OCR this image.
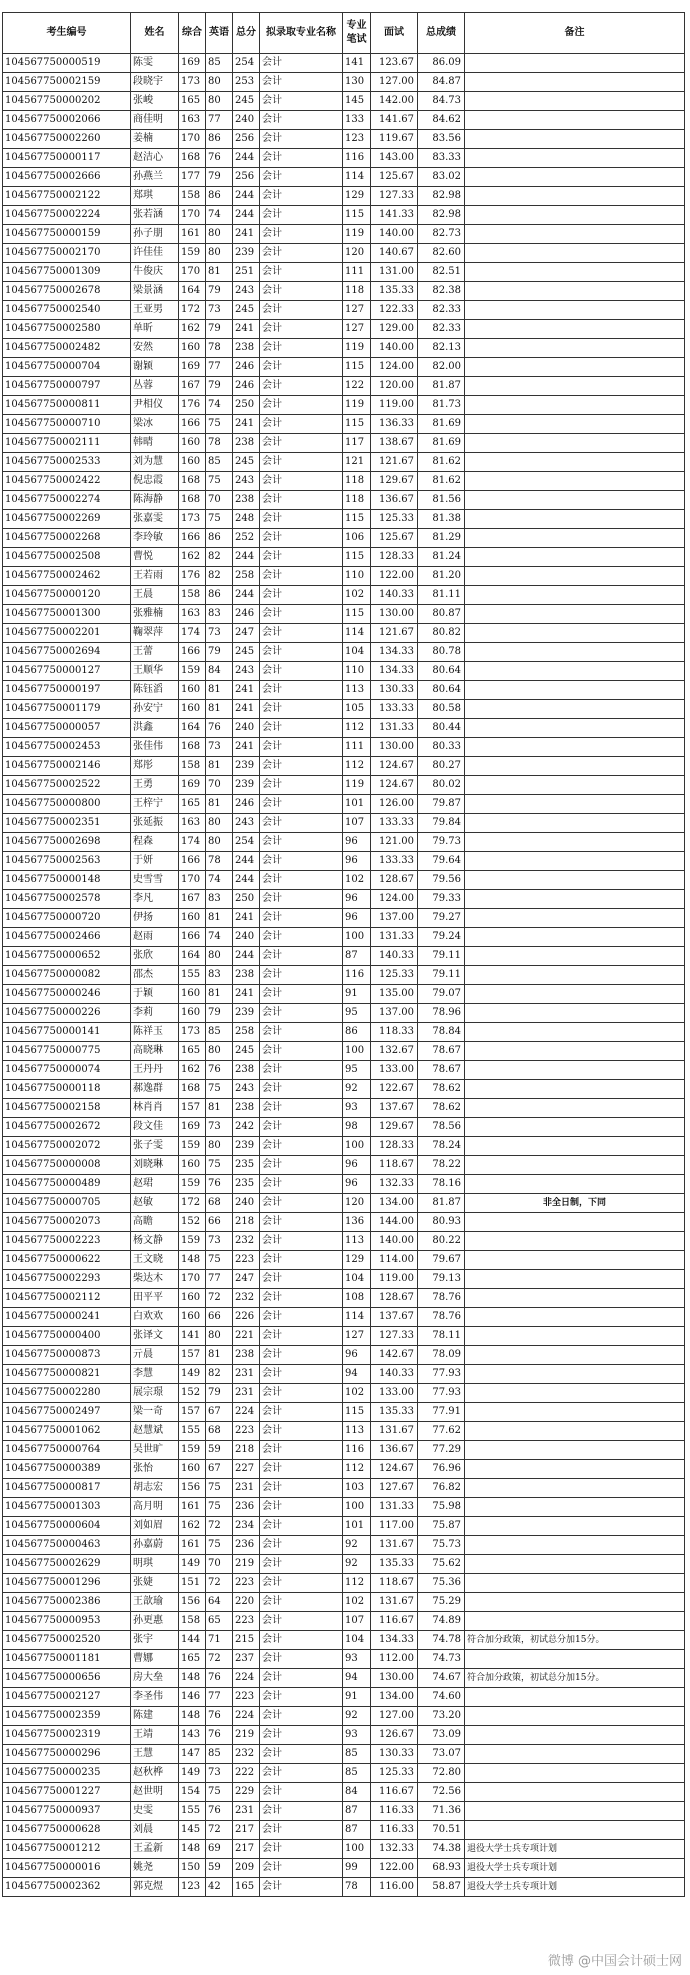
考生编号	姓名	综合	英语	总分	拟录取专业名称	专业笔试	面试	总成绩	备注
104567750000519	陈雯	169	85	254	会计	141	123.67	86.09	
104567750002159	段晓宇	173	80	253	会计	130	127.00	84.87	
104567750000202	张峻	165	80	245	会计	145	142.00	84.73	
104567750002066	商佳明	163	77	240	会计	133	141.67	84.62	
104567750002260	姜楠	170	86	256	会计	123	119.67	83.56	
104567750000117	赵洁心	168	76	244	会计	116	143.00	83.33	
104567750002666	孙燕兰	177	79	256	会计	114	125.67	83.02	
104567750002122	郑琪	158	86	244	会计	129	127.33	82.98	
104567750002224	张若涵	170	74	244	会计	115	141.33	82.98	
104567750000159	孙子朋	161	80	241	会计	119	140.00	82.73	
104567750002170	许佳佳	159	80	239	会计	120	140.67	82.60	
104567750001309	牛俊庆	170	81	251	会计	111	131.00	82.51	
104567750002678	梁景涵	164	79	243	会计	118	135.33	82.38	
104567750002540	王亚男	172	73	245	会计	127	122.33	82.33	
104567750002580	单昕	162	79	241	会计	127	129.00	82.33	
104567750002482	安然	160	78	238	会计	119	140.00	82.13	
104567750000704	谢颖	169	77	246	会计	115	124.00	82.00	
104567750000797	丛蓉	167	79	246	会计	122	120.00	81.87	
104567750000811	尹相仪	176	74	250	会计	119	119.00	81.73	
104567750000710	梁冰	166	75	241	会计	115	136.33	81.69	
104567750002111	韩晴	160	78	238	会计	117	138.67	81.69	
104567750002533	刘为慧	160	85	245	会计	121	121.67	81.62	
104567750002422	倪忠霞	168	75	243	会计	118	129.67	81.62	
104567750002274	陈海静	168	70	238	会计	118	136.67	81.56	
104567750002269	张嘉雯	173	75	248	会计	115	125.33	81.38	
104567750002268	李玲敏	166	86	252	会计	106	125.67	81.29	
104567750002508	曹悦	162	82	244	会计	115	128.33	81.24	
104567750002462	王若雨	176	82	258	会计	110	122.00	81.20	
104567750000120	王晨	158	86	244	会计	102	140.33	81.11	
104567750001300	张雅楠	163	83	246	会计	115	130.00	80.87	
104567750002201	鞠翠萍	174	73	247	会计	114	121.67	80.82	
104567750002694	王蕾	166	79	245	会计	104	134.33	80.78	
104567750000127	王顺华	159	84	243	会计	110	134.33	80.64	
104567750000197	陈钰滔	160	81	241	会计	113	130.33	80.64	
104567750001179	孙安宁	160	81	241	会计	105	133.33	80.58	
104567750000057	洪鑫	164	76	240	会计	112	131.33	80.44	
104567750002453	张佳伟	168	73	241	会计	111	130.00	80.33	
104567750002146	郑彤	158	81	239	会计	112	124.67	80.27	
104567750002522	王勇	169	70	239	会计	119	124.67	80.02	
104567750000800	王梓宁	165	81	246	会计	101	126.00	79.87	
104567750002351	张延振	163	80	243	会计	107	133.33	79.84	
104567750002698	程森	174	80	254	会计	96	121.00	79.73	
104567750002563	于妍	166	78	244	会计	96	133.33	79.64	
104567750000148	史雪雪	170	74	244	会计	102	128.67	79.56	
104567750002578	李凡	167	83	250	会计	96	124.00	79.33	
104567750000720	伊扬	160	81	241	会计	96	137.00	79.27	
104567750002466	赵雨	166	74	240	会计	100	131.33	79.24	
104567750000652	张欣	164	80	244	会计	87	140.33	79.11	
104567750000082	邵杰	155	83	238	会计	116	125.33	79.11	
104567750000246	于颖	160	81	241	会计	91	135.00	79.07	
104567750000226	李莉	160	79	239	会计	95	137.00	78.96	
104567750000141	陈祥玉	173	85	258	会计	86	118.33	78.84	
104567750000775	高晓琳	165	80	245	会计	100	132.67	78.67	
104567750000074	王丹丹	162	76	238	会计	95	133.00	78.67	
104567750000118	郝逸群	168	75	243	会计	92	122.67	78.62	
104567750002158	林肖肖	157	81	238	会计	93	137.67	78.62	
104567750002672	段文佳	169	73	242	会计	98	129.67	78.56	
104567750002072	张子雯	159	80	239	会计	100	128.33	78.24	
104567750000008	刘晓琳	160	75	235	会计	96	118.67	78.22	
104567750000489	赵珺	159	76	235	会计	96	132.33	78.16	
104567750000705	赵敏	172	68	240	会计	120	134.00	81.87	非全日制，下同
104567750002073	高瞻	152	66	218	会计	136	144.00	80.93	
104567750002223	杨文静	159	73	232	会计	113	140.00	80.22	
104567750000622	王文晓	148	75	223	会计	129	114.00	79.67	
104567750002293	柴达木	170	77	247	会计	104	119.00	79.13	
104567750002112	田平平	160	72	232	会计	108	128.67	78.76	
104567750000241	白欢欢	160	66	226	会计	114	137.67	78.76	
104567750000400	张译文	141	80	221	会计	127	127.33	78.11	
104567750000873	亓晨	157	81	238	会计	96	142.67	78.09	
104567750000821	李慧	149	82	231	会计	94	140.33	77.93	
104567750002280	展宗璟	152	79	231	会计	102	133.00	77.93	
104567750002497	梁一奇	157	67	224	会计	115	135.33	77.91	
104567750001062	赵慧斌	155	68	223	会计	113	131.67	77.62	
104567750000764	吴世旷	159	59	218	会计	116	136.67	77.29	
104567750000389	张怡	160	67	227	会计	112	124.67	76.96	
104567750000817	胡志宏	156	75	231	会计	103	127.67	76.82	
104567750001303	高月明	161	75	236	会计	100	131.33	75.98	
104567750000604	刘如眉	162	72	234	会计	101	117.00	75.87	
104567750000463	孙嘉蔚	161	75	236	会计	92	131.67	75.73	
104567750002629	明琪	149	70	219	会计	92	135.33	75.62	
104567750001296	张婕	151	72	223	会计	112	118.67	75.36	
104567750002386	王歆瑜	156	64	220	会计	102	131.67	75.29	
104567750000953	孙更惠	158	65	223	会计	107	116.67	74.89	
104567750002520	张宇	144	71	215	会计	104	134.33	74.78	符合加分政策，初试总分加15分。
104567750001181	曹娜	165	72	237	会计	93	112.00	74.73	
104567750000656	房大垒	148	76	224	会计	94	130.00	74.67	符合加分政策，初试总分加15分。
104567750002127	李圣伟	146	77	223	会计	91	134.00	74.60	
104567750002359	陈建	148	76	224	会计	92	127.00	73.20	
104567750002319	王靖	143	76	219	会计	93	126.67	73.09	
104567750000296	王慧	147	85	232	会计	85	130.33	73.07	
104567750000235	赵秋桦	149	73	222	会计	85	125.33	72.80	
104567750001227	赵世明	154	75	229	会计	84	116.67	72.56	
104567750000937	史雯	155	76	231	会计	87	116.33	71.36	
104567750000628	刘晨	145	72	217	会计	87	116.33	70.51	
104567750001212	王孟新	148	69	217	会计	100	132.33	74.38	退役大学士兵专项计划
104567750000016	姚尧	150	59	209	会计	99	122.00	68.93	退役大学士兵专项计划
104567750002362	郭克煜	123	42	165	会计	78	116.00	58.87	退役大学士兵专项计划
微博 @中国会计硕士网
